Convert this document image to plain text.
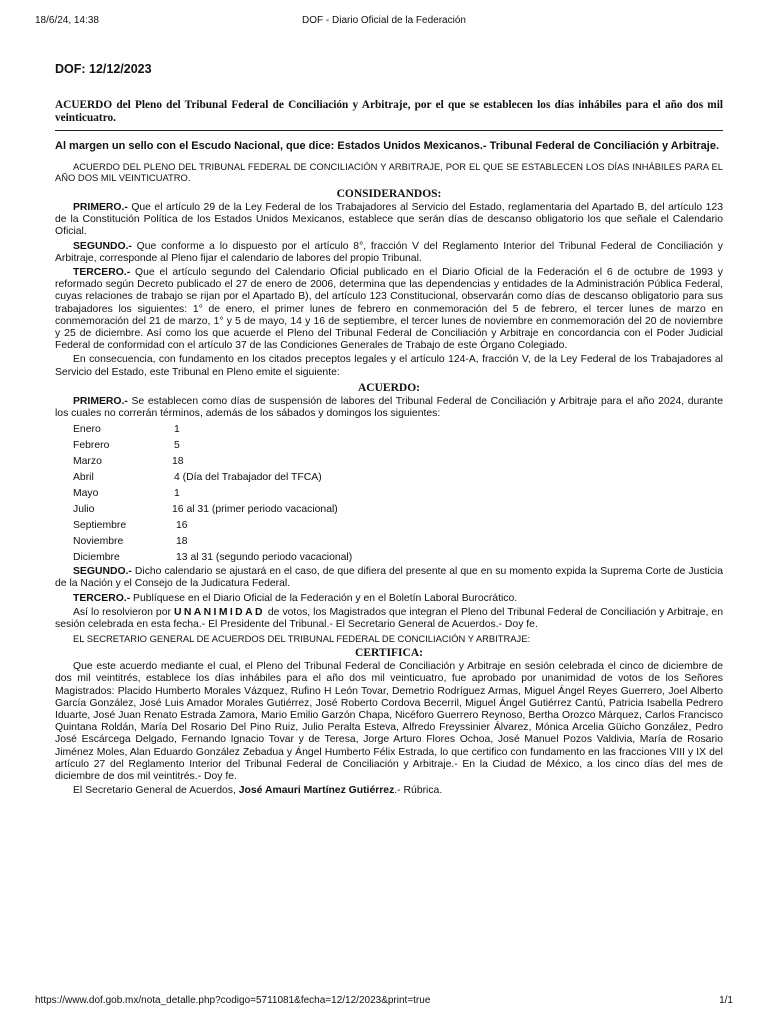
18/6/24, 14:38	DOF - Diario Oficial de la Federación
DOF: 12/12/2023

ACUERDO del Pleno del Tribunal Federal de Conciliación y Arbitraje, por el que se establecen los días inhábiles para el año dos mil veinticuatro.

Al margen un sello con el Escudo Nacional, que dice: Estados Unidos Mexicanos.- Tribunal Federal de Conciliación y Arbitraje.

ACUERDO DEL PLENO DEL TRIBUNAL FEDERAL DE CONCILIACIÓN Y ARBITRAJE, POR EL QUE SE ESTABLECEN LOS DÍAS INHÁBILES PARA EL AÑO DOS MIL VEINTICUATRO.

CONSIDERANDOS:

PRIMERO.- Que el artículo 29 de la Ley Federal de los Trabajadores al Servicio del Estado, reglamentaria del Apartado B, del artículo 123 de la Constitución Política de los Estados Unidos Mexicanos, establece que serán días de descanso obligatorio los que señale el Calendario Oficial.

SEGUNDO.- Que conforme a lo dispuesto por el artículo 8°, fracción V del Reglamento Interior del Tribunal Federal de Conciliación y Arbitraje, corresponde al Pleno fijar el calendario de labores del propio Tribunal.

TERCERO.- Que el artículo segundo del Calendario Oficial publicado en el Diario Oficial de la Federación el 6 de octubre de 1993 y reformado según Decreto publicado el 27 de enero de 2006, determina que las dependencias y entidades de la Administración Pública Federal, cuyas relaciones de trabajo se rijan por el Apartado B), del artículo 123 Constitucional, observarán como días de descanso obligatorio para sus trabajadores los siguientes: 1° de enero, el primer lunes de febrero en conmemoración del 5 de febrero, el tercer lunes de marzo en conmemoración del 21 de marzo, 1° y 5 de mayo, 14 y 16 de septiembre, el tercer lunes de noviembre en conmemoración del 20 de noviembre y 25 de diciembre. Así como los que acuerde el Pleno del Tribunal Federal de Conciliación y Arbitraje en concordancia con el Poder Judicial Federal de conformidad con el artículo 37 de las Condiciones Generales de Trabajo de este Órgano Colegiado.

En consecuencia, con fundamento en los citados preceptos legales y el artículo 124-A, fracción V, de la Ley Federal de los Trabajadores al Servicio del Estado, este Tribunal en Pleno emite el siguiente:

ACUERDO:

PRIMERO.- Se establecen como días de suspensión de labores del Tribunal Federal de Conciliación y Arbitraje para el año 2024, durante los cuales no correrán términos, además de los sábados y domingos los siguientes:

Enero	1
Febrero	5
Marzo	18
Abril	4 (Día del Trabajador del TFCA)
Mayo	1
Julio	16 al 31 (primer periodo vacacional)
Septiembre	16
Noviembre	18
Diciembre	13 al 31 (segundo periodo vacacional)

SEGUNDO.- Dicho calendario se ajustará en el caso, de que difiera del presente al que en su momento expida la Suprema Corte de Justicia de la Nación y el Consejo de la Judicatura Federal.

TERCERO.- Publíquese en el Diario Oficial de la Federación y en el Boletín Laboral Burocrático.

Así lo resolvieron por UNANIMIDAD de votos, los Magistrados que integran el Pleno del Tribunal Federal de Conciliación y Arbitraje, en sesión celebrada en esta fecha.- El Presidente del Tribunal.- El Secretario General de Acuerdos.- Doy fe.

EL SECRETARIO GENERAL DE ACUERDOS DEL TRIBUNAL FEDERAL DE CONCILIACIÓN Y ARBITRAJE:

CERTIFICA:

Que este acuerdo mediante el cual, el Pleno del Tribunal Federal de Conciliación y Arbitraje en sesión celebrada el cinco de diciembre de dos mil veintitrés, establece los días inhábiles para el año dos mil veinticuatro, fue aprobado por unanimidad de votos de los Señores Magistrados: Placido Humberto Morales Vázquez, Rufino H León Tovar, Demetrio Rodríguez Armas, Miguel Ángel Reyes Guerrero, Joel Alberto García González, José Luis Amador Morales Gutiérrez, José Roberto Cordova Becerril, Miguel Ángel Gutiérrez Cantú, Patricia Isabella Pedrero Iduarte, José Juan Renato Estrada Zamora, Mario Emilio Garzón Chapa, Nicéforo Guerrero Reynoso, Bertha Orozco Márquez, Carlos Francisco Quintana Roldán, María Del Rosario Del Pino Ruiz, Julio Peralta Esteva, Alfredo Freyssinier Álvarez, Mónica Arcelia Güicho González, Pedro José Escárcega Delgado, Fernando Ignacio Tovar y de Teresa, Jorge Arturo Flores Ochoa, José Manuel Pozos Valdivia, María de Rosario Jiménez Moles, Alan Eduardo González Zebadua y Ángel Humberto Félix Estrada, lo que certifico con fundamento en las fracciones VIII y IX del artículo 27 del Reglamento Interior del Tribunal Federal de Conciliación y Arbitraje.- En la Ciudad de México, a los cinco días del mes de diciembre de dos mil veintitrés.- Doy fe.

El Secretario General de Acuerdos, José Amauri Martínez Gutiérrez.- Rúbrica.

https://www.dof.gob.mx/nota_detalle.php?codigo=5711081&fecha=12/12/2023&print=true	1/1
